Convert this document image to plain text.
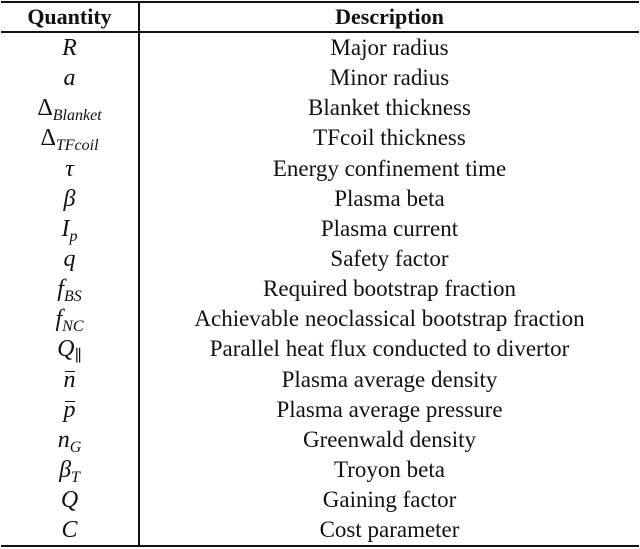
Quantity	Description
R	Major radius
a	Minor radius
$\Delta_{Blanket}$	Blanket thickness
$\Delta_{TFcoil}$	TFcoil thickness
τ	Energy confinement time
β	Plasma beta
$I_p$	Plasma current
q	Safety factor
$f_{BS}$	Required bootstrap fraction
$f_{NC}$	Achievable neoclassical bootstrap fraction
$Q_\parallel$	Parallel heat flux conducted to divertor
n	Plasma average density
p	Plasma average pressure
$n_G$	Greenwald density
$\beta_T$	Troyon beta
Q	Gaining factor
C	Cost parameter
